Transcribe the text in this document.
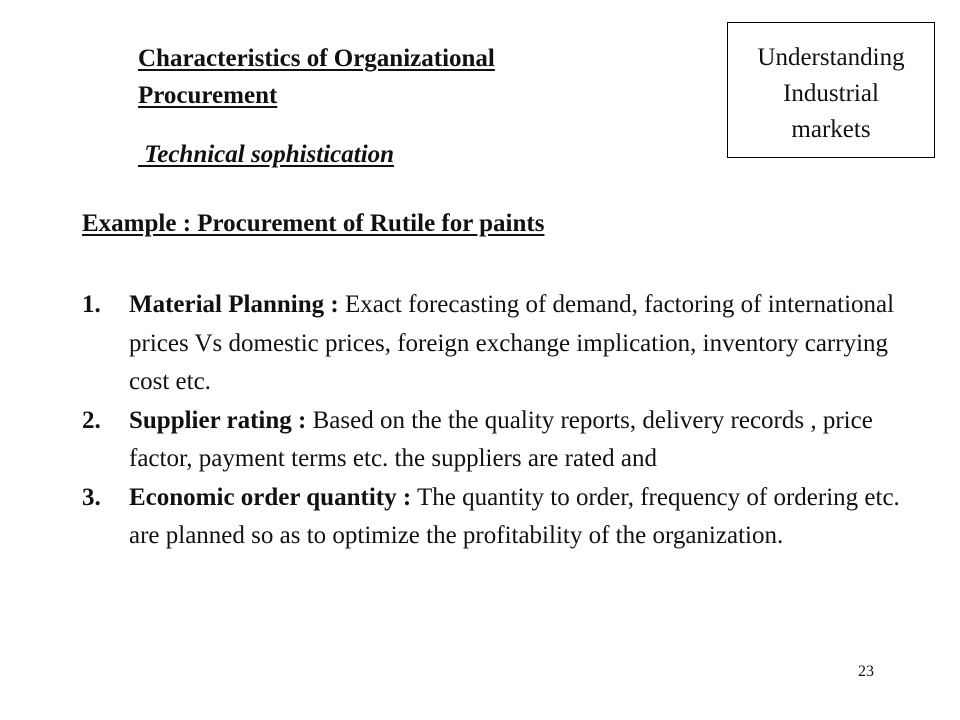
Characteristics of Organizational Procurement
Technical sophistication
Understanding
Industrial
markets
Example : Procurement of Rutile for paints
1.	Material Planning : Exact forecasting of demand, factoring of international prices Vs domestic prices, foreign exchange implication, inventory carrying cost etc.
2.	Supplier rating : Based on the the quality reports, delivery records , price factor, payment terms etc. the suppliers are rated and
3.	Economic order quantity : The quantity to order, frequency of ordering etc. are planned so as to optimize the profitability of the organization.
23
